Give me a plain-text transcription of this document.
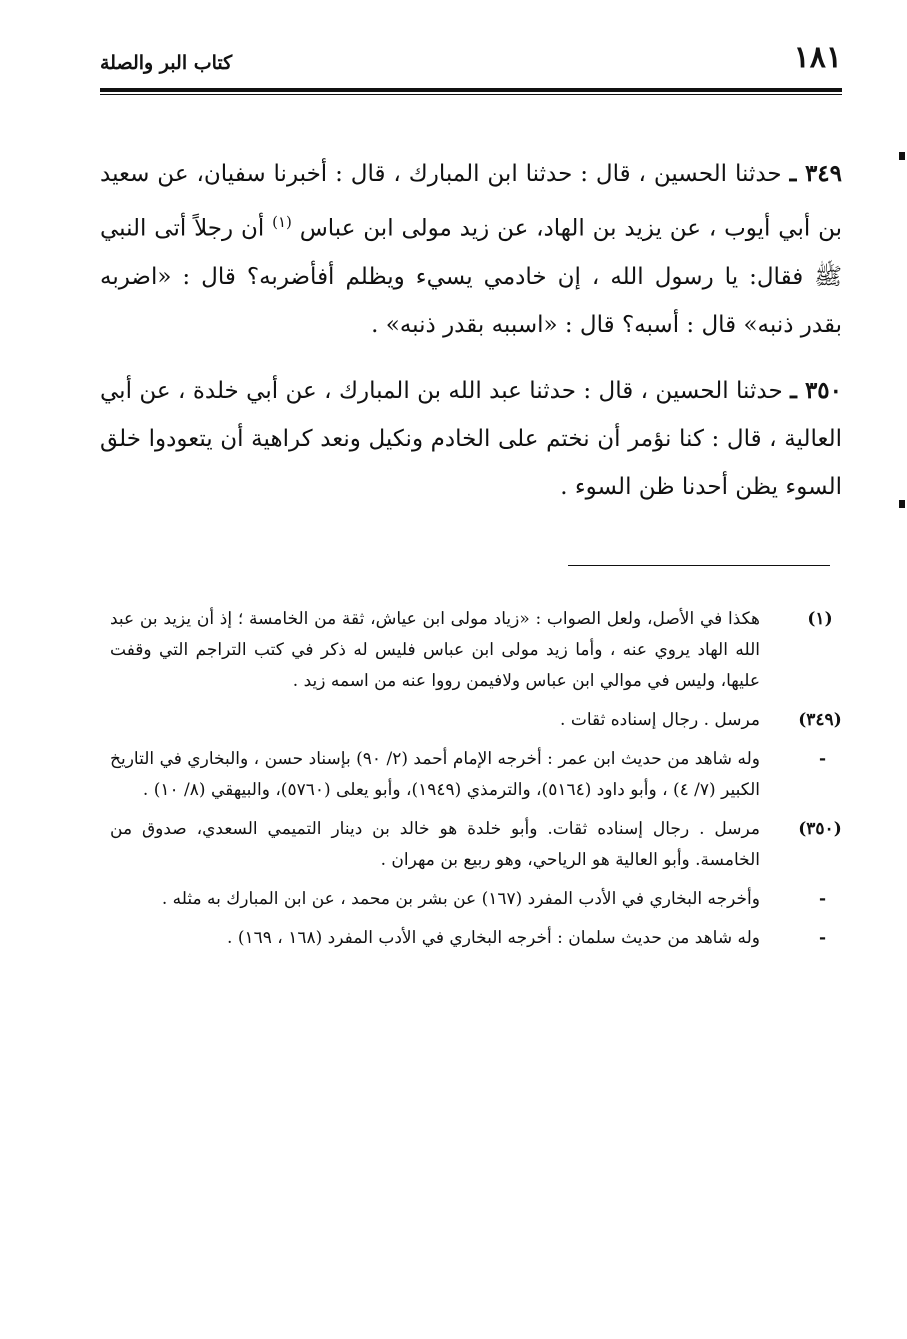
١٨١
كتاب البر والصلة

٣٤٩ ـ حدثنا الحسين ، قال : حدثنا ابن المبارك ، قال : أخبرنا سفيان، عن سعيد بن أبي أيوب ، عن يزيد بن الهاد، عن زيد مولى ابن عباس $^{(١)}$ أن رجلاً أتى النبي ﷺ فقال: يا رسول الله ، إن خادمي يسيء ويظلم أفأضربه؟ قال : «اضربه بقدر ذنبه» قال : أسبه؟ قال : «اسببه بقدر ذنبه» .

٣٥٠ ـ حدثنا الحسين ، قال : حدثنا عبد الله بن المبارك ، عن أبي خلدة ، عن أبي العالية ، قال : كنا نؤمر أن نختم على الخادم ونكيل ونعد كراهية أن يتعودوا خلق السوء يظن أحدنا ظن السوء .

(١)
هكذا في الأصل، ولعل الصواب : «زياد مولى ابن عياش، ثقة من الخامسة ؛ إذ أن يزيد بن عبد الله الهاد يروي عنه ، وأما زيد مولى ابن عباس فليس له ذكر في كتب التراجم التي وقفت عليها، وليس في موالي ابن عباس ولافيمن رووا عنه من اسمه زيد .
(٣٤٩)
مرسل . رجال إسناده ثقات .
-
وله شاهد من حديث ابن عمر : أخرجه الإمام أحمد (٢/ ٩٠) بإسناد حسن ، والبخاري في التاريخ الكبير (٧/ ٤) ، وأبو داود (٥١٦٤)، والترمذي (١٩٤٩)، وأبو يعلى (٥٧٦٠)، والبيهقي (٨/ ١٠) .
(٣٥٠)
مرسل . رجال إسناده ثقات. وأبو خلدة هو خالد بن دينار التميمي السعدي، صدوق من الخامسة. وأبو العالية هو الرياحي، وهو ربيع بن مهران .
-
وأخرجه البخاري في الأدب المفرد (١٦٧) عن بشر بن محمد ، عن ابن المبارك به مثله .
-
وله شاهد من حديث سلمان : أخرجه البخاري في الأدب المفرد (١٦٨ ، ١٦٩) .
